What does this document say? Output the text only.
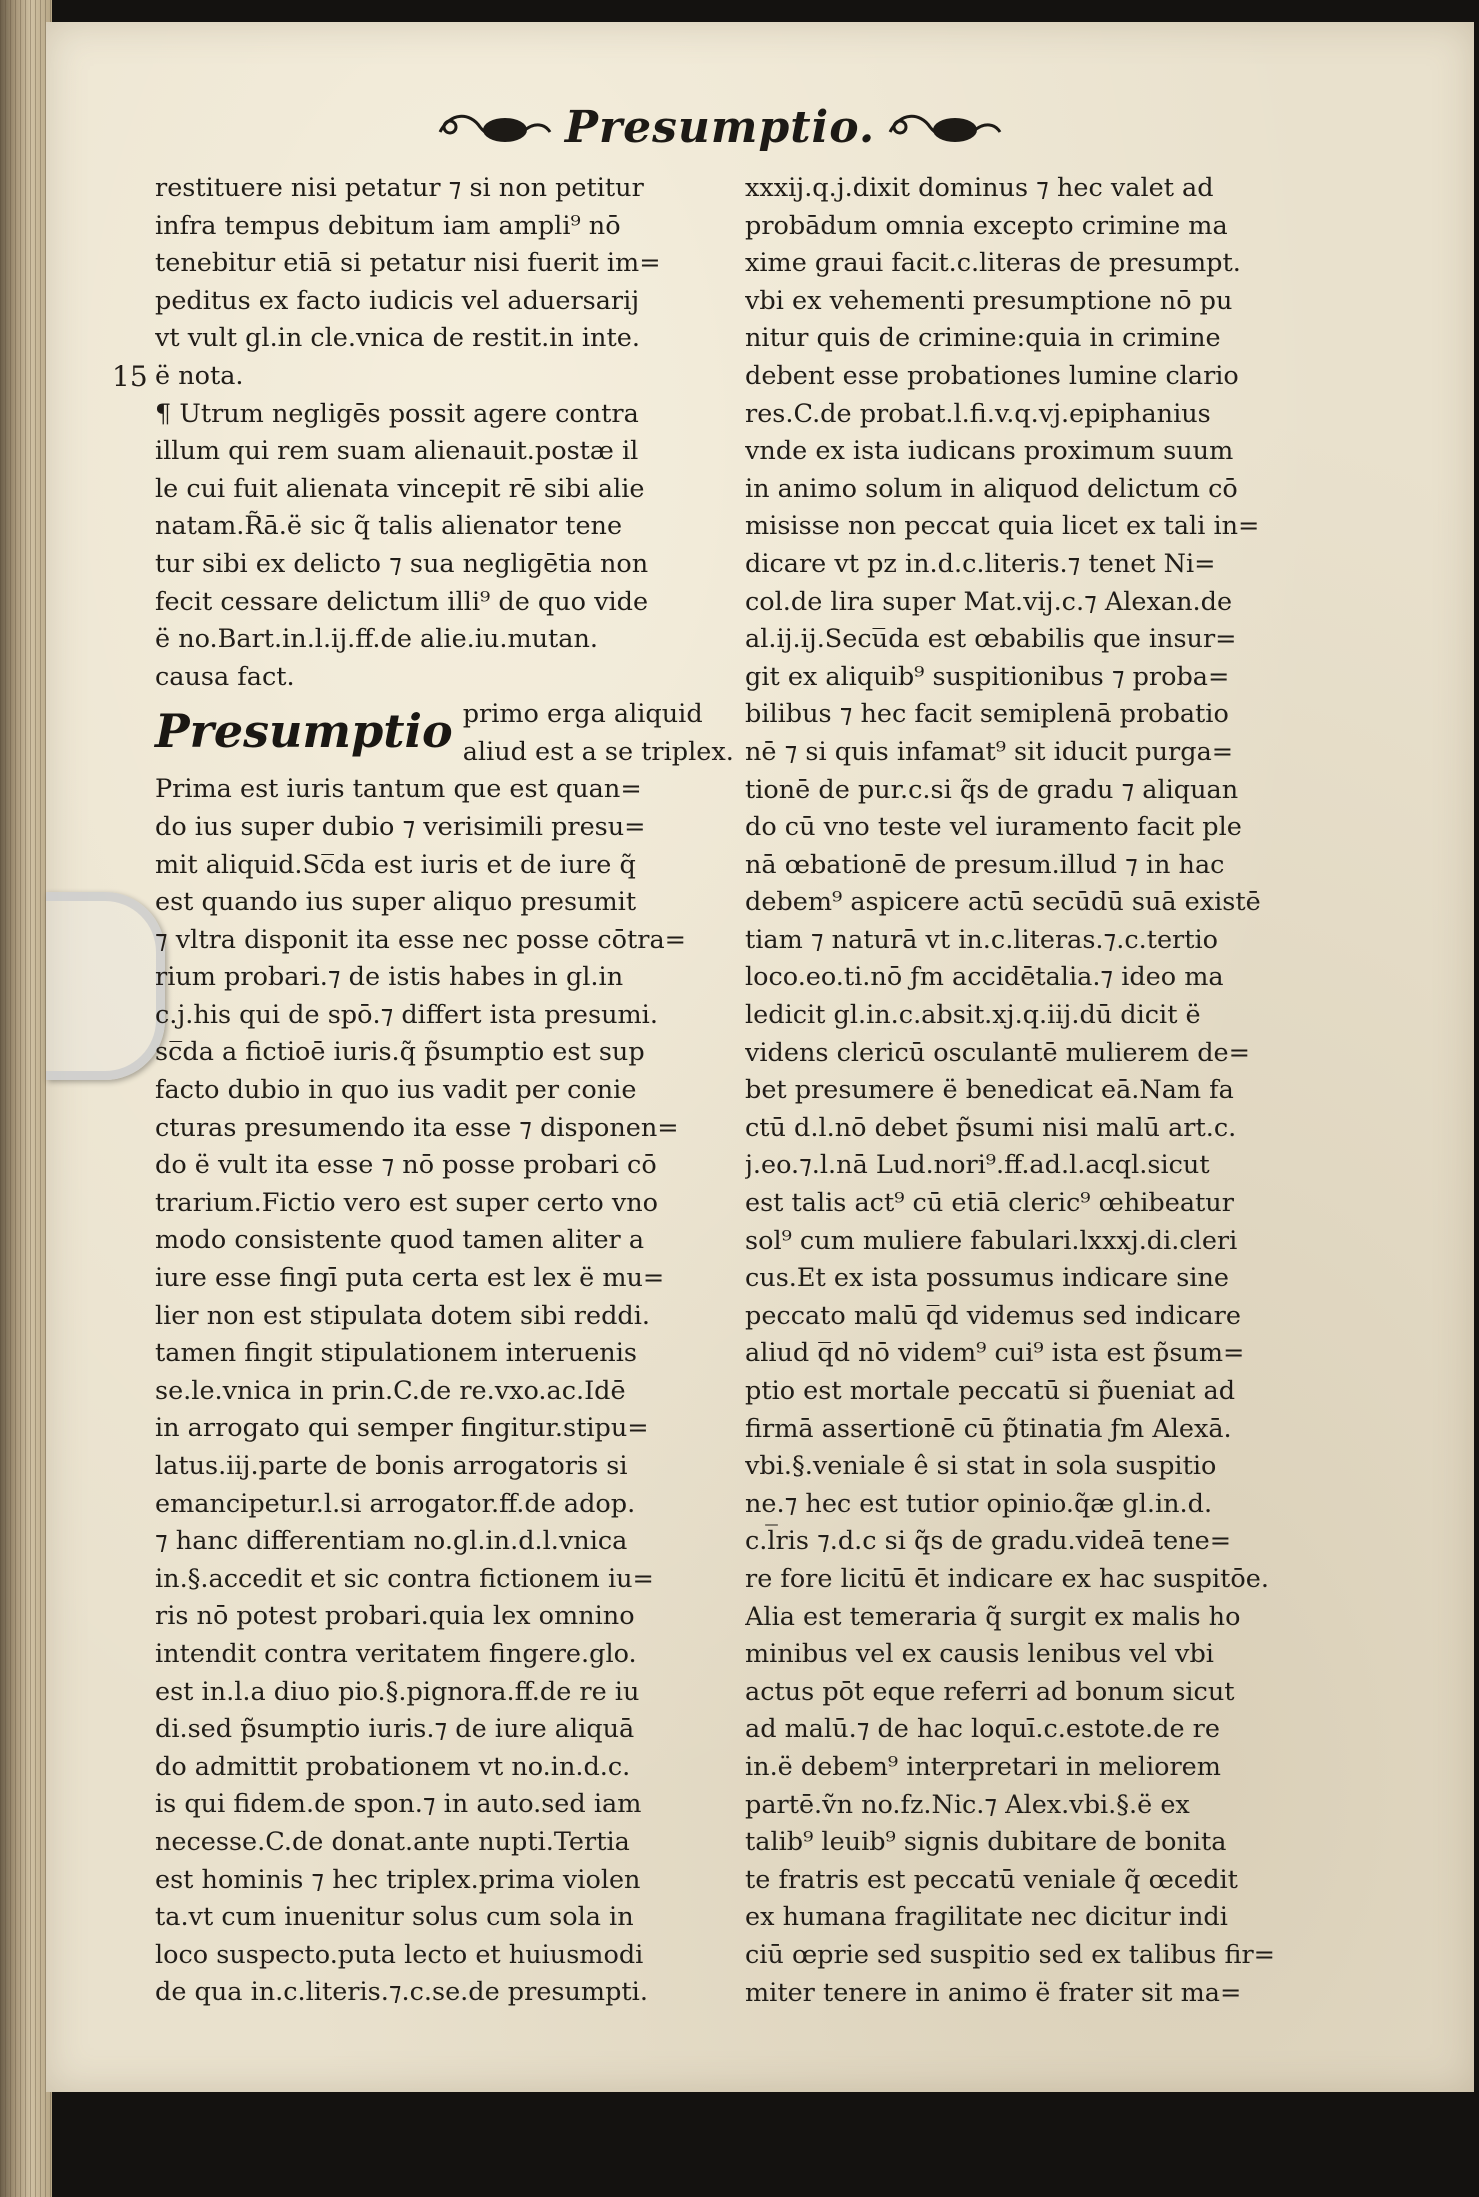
Presumptio.
15
restituere nisi petatur ⁊ si non petitur
infra tempus debitum iam ampli⁹ nō
tenebitur etiā si petatur nisi fuerit im=
peditus ex facto iudicis vel aduersarij
vt vult gl.in cle.vnica de restit.in inte.
ë nota.
¶ Utrum negligēs possit agere contra
illum qui rem suam alienauit.postæ il
le cui fuit alienata vincepit rē sibi alie
natam.R̃ā.ë sic q̃ talis alienator tene
tur sibi ex delicto ⁊ sua negligētia non
fecit cessare delictum illi⁹ de quo vide
ë no.Bart.in.l.ij.ff.de alie.iu.mutan.
causa fact.
Presumptio primo erga aliquid
aliud est a se triplex.
Prima est iuris tantum que est quan=
do ius super dubio ⁊ verisimili presu=
mit aliquid.Sc̅da est iuris et de iure q̃
est quando ius super aliquo presumit
⁊ vltra disponit ita esse nec posse cōtra=
rium probari.⁊ de istis habes in gl.in
c.j.his qui de spō.⁊ differt ista presumi.
sc̅da a fictioē iuris.q̃ p̃sumptio est sup
facto dubio in quo ius vadit per conie
cturas presumendo ita esse ⁊ disponen=
do ë vult ita esse ⁊ nō posse probari cō
trarium.Fictio vero est super certo vno
modo consistente quod tamen aliter a
iure esse fingī puta certa est lex ë mu=
lier non est stipulata dotem sibi reddi.
tamen fingit stipulationem interuenis
se.le.vnica in prin.C.de re.vxo.ac.Idē
in arrogato qui semper fingitur.stipu=
latus.iij.parte de bonis arrogatoris si
emancipetur.l.si arrogator.ff.de adop.
⁊ hanc differentiam no.gl.in.d.l.vnica
in.§.accedit et sic contra fictionem iu=
ris nō potest probari.quia lex omnino
intendit contra veritatem fingere.glo.
est in.l.a diuo pio.§.pignora.ff.de re iu
di.sed p̃sumptio iuris.⁊ de iure aliquā
do admittit probationem vt no.in.d.c.
is qui fidem.de spon.⁊ in auto.sed iam
necesse.C.de donat.ante nupti.Tertia
est hominis ⁊ hec triplex.prima violen
ta.vt cum inuenitur solus cum sola in
loco suspecto.puta lecto et huiusmodi
de qua in.c.literis.⁊.c.se.de presumpti.
xxxij.q.j.dixit dominus ⁊ hec valet ad
probādum omnia excepto crimine ma
xime graui facit.c.literas de presumpt.
vbi ex vehementi presumptione nō pu
nitur quis de crimine:quia in crimine
debent esse probationes lumine clario
res.C.de probat.l.fi.v.q.vj.epiphanius
vnde ex ista iudicans proximum suum
in animo solum in aliquod delictum cō
misisse non peccat quia licet ex tali in=
dicare vt pz in.d.c.literis.⁊ tenet Ni=
col.de lira super Mat.vij.c.⁊ Alexan.de
al.ij.ij.Secu̅da est œbabilis que insur=
git ex aliquib⁹ suspitionibus ⁊ proba=
bilibus ⁊ hec facit semiplenā probatio
nē ⁊ si quis infamat⁹ sit iducit purga=
tionē de pur.c.si q̃s de gradu ⁊ aliquan
do cū vno teste vel iuramento facit ple
nā œbationē de presum.illud ⁊ in hac
debem⁹ aspicere actū secūdū suā existē
tiam ⁊ naturā vt in.c.literas.⁊.c.tertio
loco.eo.ti.nō ƒm accidētalia.⁊ ideo ma
ledicit gl.in.c.absit.xj.q.iij.dū dicit ë
videns clericū osculantē mulierem de=
bet presumere ë benedicat eā.Nam fa
ctū d.l.nō debet p̃sumi nisi malū art.c.
j.eo.⁊.l.nā Lud.nori⁹.ff.ad.l.acql.sicut
est talis act⁹ cū etiā cleric⁹ œhibeatur
sol⁹ cum muliere fabulari.lxxxj.di.cleri
cus.Et ex ista possumus indicare sine
peccato malū q̅d videmus sed indicare
aliud q̅d nō videm⁹ cui⁹ ista est p̃sum=
ptio est mortale peccatū si p̃ueniat ad
firmā assertionē cū p̃tinatia ƒm Alexā.
vbi.§.veniale ê si stat in sola suspitio
ne.⁊ hec est tutior opinio.q̃æ gl.in.d.
c.l̅ris ⁊.d.c si q̃s de gradu.videā tene=
re fore licitū ēt indicare ex hac suspitōe.
Alia est temeraria q̃ surgit ex malis ho
minibus vel ex causis lenibus vel vbi
actus pōt eque referri ad bonum sicut
ad malū.⁊ de hac loquī.c.estote.de re
in.ë debem⁹ interpretari in meliorem
partē.ṽn no.fz.Nic.⁊ Alex.vbi.§.ë ex
talib⁹ leuib⁹ signis dubitare de bonita
te fratris est peccatū veniale q̃ œcedit
ex humana fragilitate nec dicitur indi
ciū œprie sed suspitio sed ex talibus fir=
miter tenere in animo ë frater sit ma=
